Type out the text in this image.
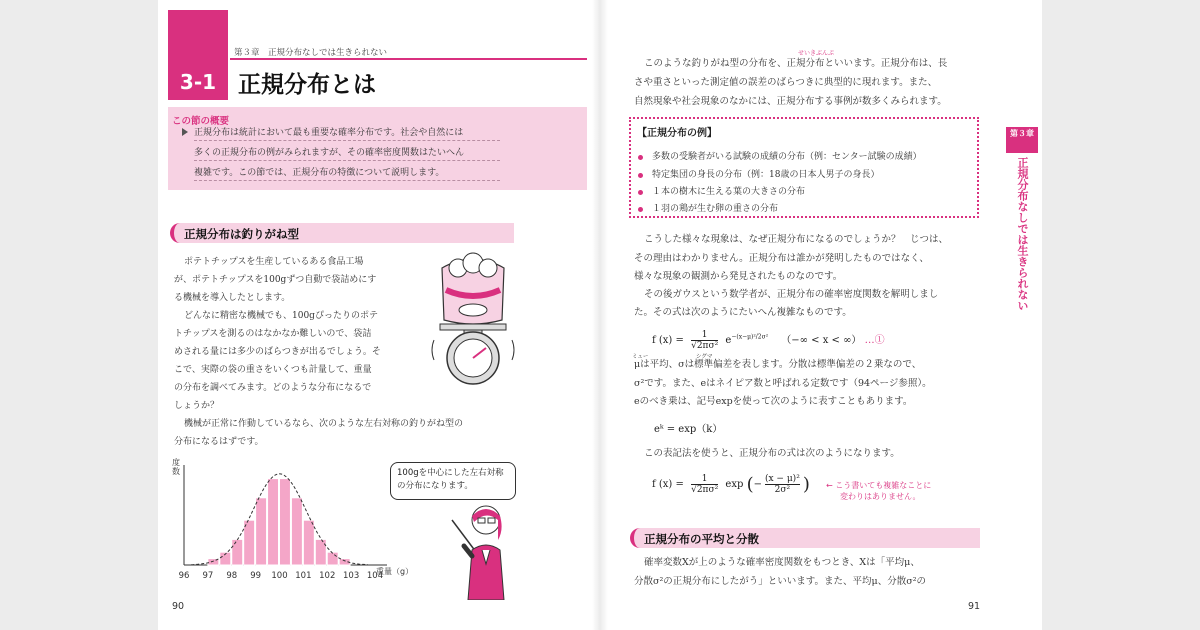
3-1
第３章　正規分布なしでは生きられない
正規分布とは
この節の概要
正規分布は統計において最も重要な確率分布です。社会や自然には
多くの正規分布の例がみられますが、その確率密度関数はたいへん
複雑です。この節では、正規分布の特徴について説明します。
正規分布は釣りがね型
ポテトチップスを生産しているある食品工場
が、ポテトチップスを100gずつ自動で袋詰めにす
る機械を導入したとします。
どんなに精密な機械でも、100gぴったりのポテ
トチップスを測るのはなかなか難しいので、袋詰
めされる量には多少のばらつきが出るでしょう。そ
こで、実際の袋の重さをいくつも計量して、重量
の分布を調べてみます。どのような分布になるで
しょうか？
機械が正常に作動しているなら、次のような左右対称の釣りがね型の
分布になるはずです。
96 97 98 99 100 101 102 103 104
度数
重量（g）
100gを中心にした左右対称
の分布になります。
90
せいきぶんぷ
このような釣りがね型の分布を、正規分布といいます。正規分布は、長
さや重さといった測定値の誤差のばらつきに典型的に現れます。また、
自然現象や社会現象のなかには、正規分布する事例が数多くみられます。
【正規分布の例】
多数の受験者がいる試験の成績の分布（例：センター試験の成績）
特定集団の身長の分布（例：18歳の日本人男子の身長）
１本の樹木に生える葉の大きさの分布
１羽の鶏が生む卵の重さの分布
こうした様々な現象は、なぜ正規分布になるのでしょうか？　じつは、
その理由はわかりません。正規分布は誰かが発明したものではなく、
様々な現象の観測から発見されたものなのです。
その後ガウスという数学者が、正規分布の確率密度関数を解明しまし
た。その式は次のようにたいへん複雑なものです。
f $(x) = \frac{1}{\text{√2πσ²}} e^{-(x-\mu)^2/2\sigma^2}$ （−∞ < x < ∞） …①
ミュー	シグマ
μは平均、σは標準偏差を表します。分散は標準偏差の２乗なので、
σ²です。また、eはネイピア数と呼ばれる定数です（94ページ参照）。
eのべき乗は、記号expを使って次のように表すこともあります。
eᵏ = exp（k）
この表記法を使うと、正規分布の式は次のようになります。
f $(x) = \frac{1}{\text{√2πσ²}}$ exp (− $\frac{\text{(x − μ)²}}{\text{2σ²}}$ ) ← こう書いても複雑なことに
変わりはありません。
正規分布の平均と分散
確率変数Xが上のような確率密度関数をもつとき、Xは「平均μ、
分散σ²の正規分布にしたがう」といいます。また、平均μ、分散σ²の
第３章
正規分布なしでは生きられない
91
